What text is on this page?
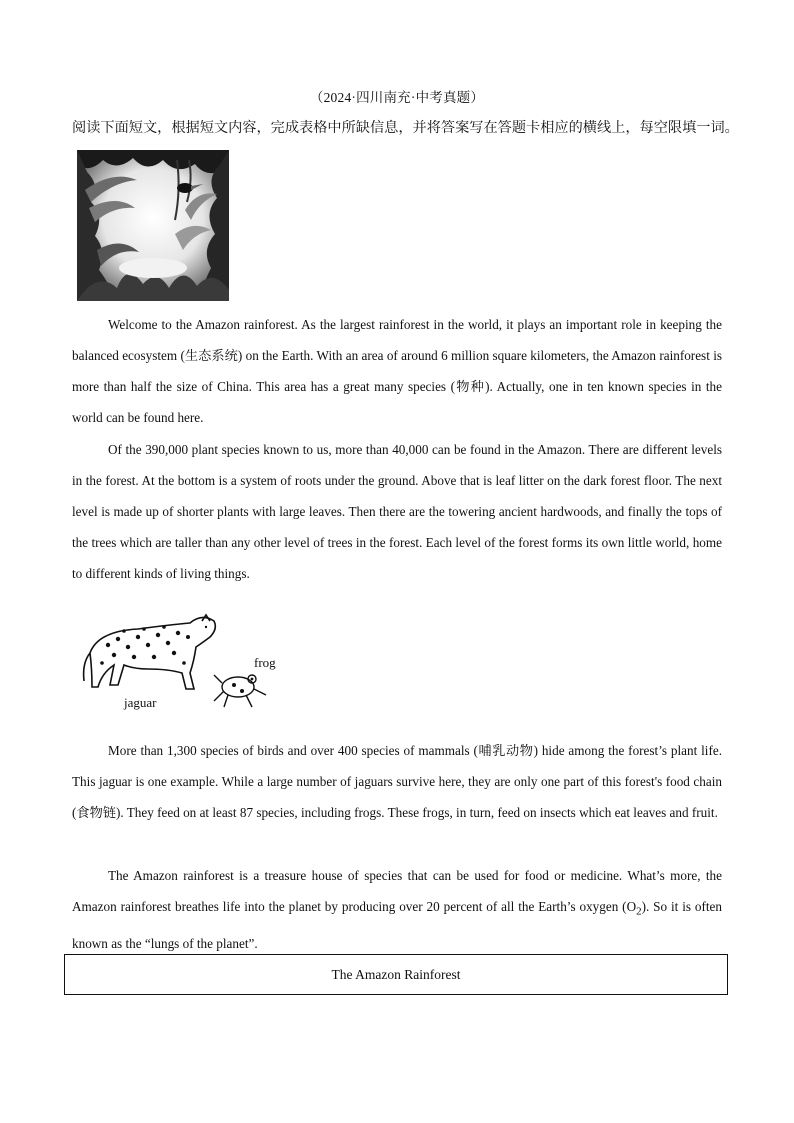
（2024·四川南充·中考真题）
阅读下面短文，根据短文内容，完成表格中所缺信息，并将答案写在答题卡相应的横线上，每空限填一词。

Welcome to the Amazon rainforest. As the largest rainforest in the world, it plays an important role in keeping the balanced ecosystem (生态系统) on the Earth. With an area of around 6 million square kilometers, the Amazon rainforest is more than half the size of China. This area has a great many species (物种). Actually, one in ten known species in the world can be found here.

Of the 390,000 plant species known to us, more than 40,000 can be found in the Amazon. There are different levels in the forest. At the bottom is a system of roots under the ground. Above that is leaf litter on the dark forest floor. The next level is made up of shorter plants with large leaves. Then there are the towering ancient hardwoods, and finally the tops of the trees which are taller than any other level of trees in the forest. Each level of the forest forms its own little world, home to different kinds of living things.

frog
jaguar

More than 1,300 species of birds and over 400 species of mammals (哺乳动物) hide among the forest’s plant life. This jaguar is one example. While a large number of jaguars survive here, they are only one part of this forest's food chain (食物链). They feed on at least 87 species, including frogs. These frogs, in turn, feed on insects which eat leaves and fruit.

The Amazon rainforest is a treasure house of species that can be used for food or medicine. What’s more, the Amazon rainforest breathes life into the planet by producing over 20 percent of all the Earth’s oxygen $(O_2)$. So it is often known as the “lungs of the planet”.

The Amazon Rainforest
